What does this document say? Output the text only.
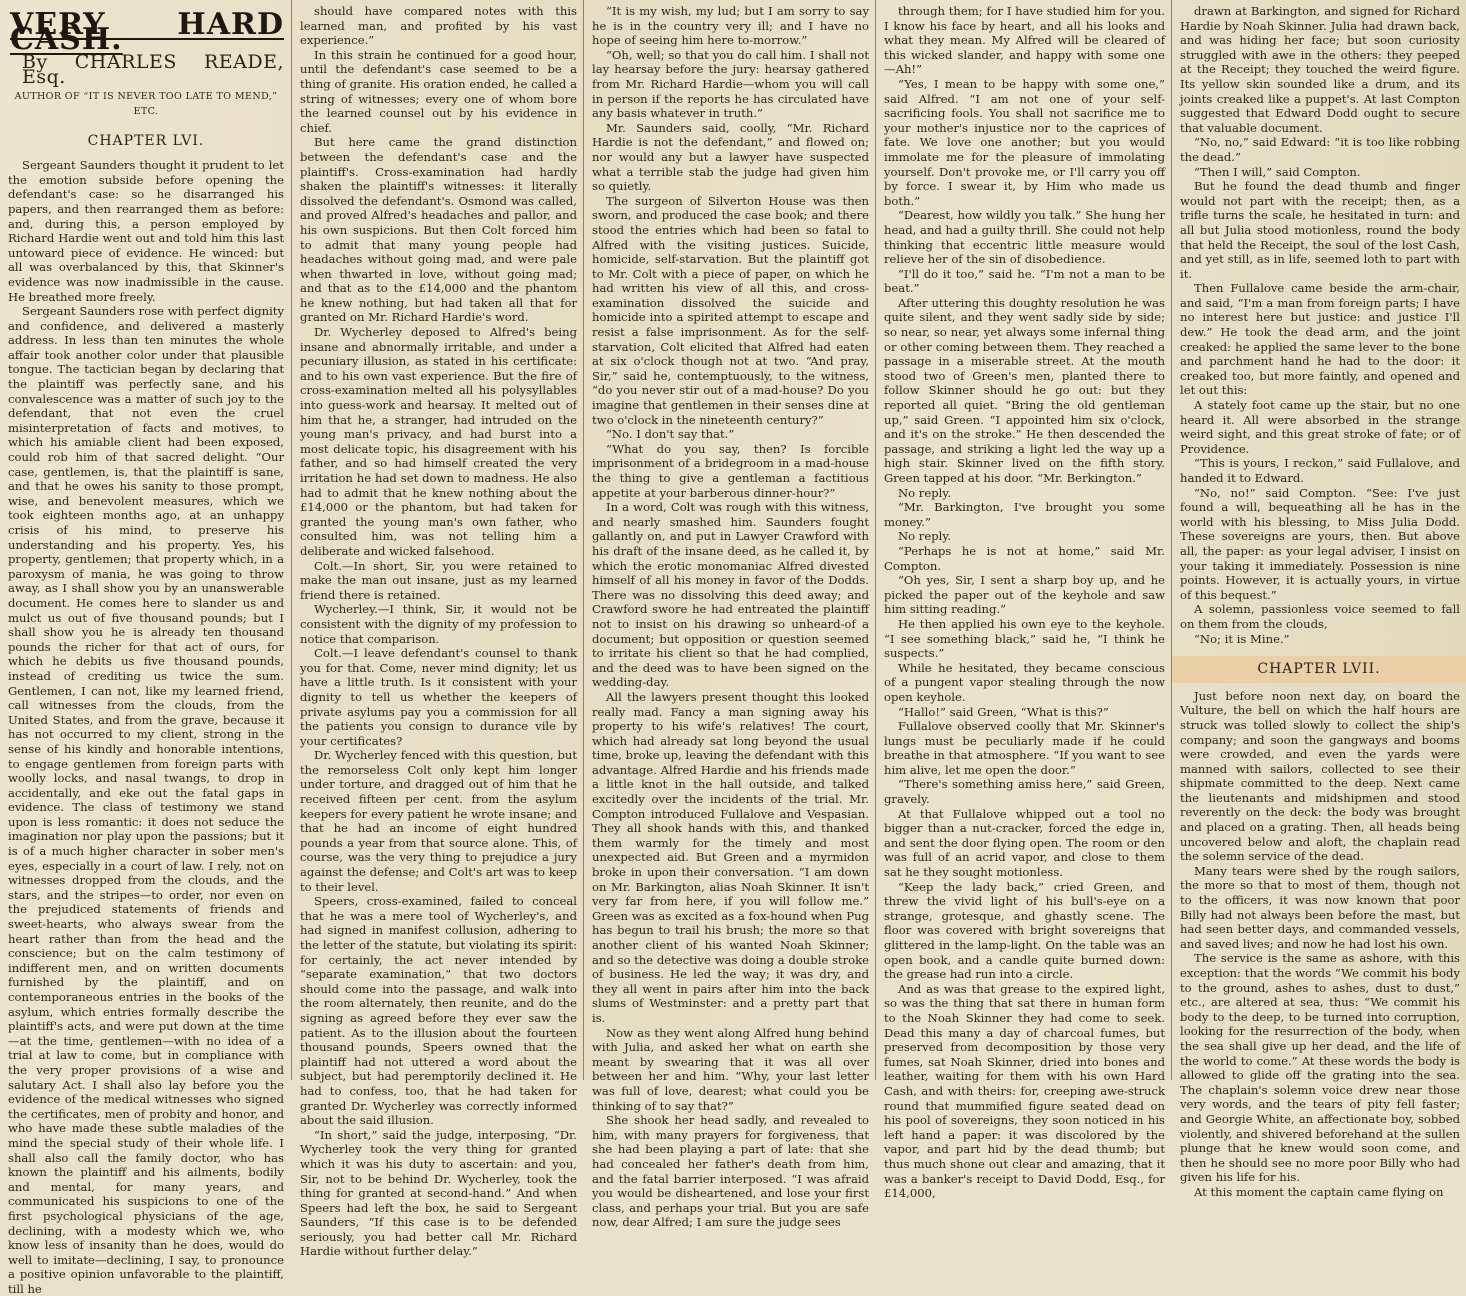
VERY HARD CASH.
By CHARLES READE, Esq.
AUTHOR OF “IT IS NEVER TOO LATE TO MEND,” ETC.
CHAPTER LVI.

Sergeant Saunders thought it prudent to let the emotion subside before opening the defendant's case: so he disarranged his papers, and then rearranged them as before: and, during this, a person employed by Richard Hardie went out and told him this last untoward piece of evidence. He winced: but all was overbalanced by this, that Skinner's evidence was now inadmissible in the cause. He breathed more freely.

Sergeant Saunders rose with perfect dignity and confidence, and delivered a masterly address. In less than ten minutes the whole affair took another color under that plausible tongue. The tactician began by declaring that the plaintiff was perfectly sane, and his convalescence was a matter of such joy to the defendant, that not even the cruel misinterpretation of facts and motives, to which his amiable client had been exposed, could rob him of that sacred delight. “Our case, gentlemen, is, that the plaintiff is sane, and that he owes his sanity to those prompt, wise, and benevolent measures, which we took eighteen months ago, at an unhappy crisis of his mind, to preserve his understanding and his property. Yes, his property, gentlemen; that property which, in a paroxysm of mania, he was going to throw away, as I shall show you by an unanswerable document. He comes here to slander us and mulct us out of five thousand pounds; but I shall show you he is already ten thousand pounds the richer for that act of ours, for which he debits us five thousand pounds, instead of crediting us twice the sum. Gentlemen, I can not, like my learned friend, call witnesses from the clouds, from the United States, and from the grave, because it has not occurred to my client, strong in the sense of his kindly and honorable intentions, to engage gentlemen from foreign parts with woolly locks, and nasal twangs, to drop in accidentally, and eke out the fatal gaps in evidence. The class of testimony we stand upon is less romantic: it does not seduce the imagination nor play upon the passions; but it is of a much higher character in sober men's eyes, especially in a court of law. I rely, not on witnesses dropped from the clouds, and the stars, and the stripes—to order, nor even on the prejudiced statements of friends and sweet-hearts, who always swear from the heart rather than from the head and the conscience; but on the calm testimony of indifferent men, and on written documents furnished by the plaintiff, and on contemporaneous entries in the books of the asylum, which entries formally describe the plaintiff's acts, and were put down at the time—at the time, gentlemen—with no idea of a trial at law to come, but in compliance with the very proper provisions of a wise and salutary Act. I shall also lay before you the evidence of the medical witnesses who signed the certificates, men of probity and honor, and who have made these subtle maladies of the mind the special study of their whole life. I shall also call the family doctor, who has known the plaintiff and his ailments, bodily and mental, for many years, and communicated his suspicions to one of the first psychological physicians of the age, declining, with a modesty which we, who know less of insanity than he does, would do well to imitate—declining, I say, to pronounce a positive opinion unfavorable to the plaintiff, till he

should have compared notes with this learned man, and profited by his vast experience.”

In this strain he continued for a good hour, until the defendant's case seemed to be a thing of granite. His oration ended, he called a string of witnesses; every one of whom bore the learned counsel out by his evidence in chief.

But here came the grand distinction between the defendant's case and the plaintiff's. Cross-examination had hardly shaken the plaintiff's witnesses: it literally dissolved the defendant's. Osmond was called, and proved Alfred's headaches and pallor, and his own suspicions. But then Colt forced him to admit that many young people had headaches without going mad, and were pale when thwarted in love, without going mad; and that as to the £14,000 and the phantom he knew nothing, but had taken all that for granted on Mr. Richard Hardie's word.

Dr. Wycherley deposed to Alfred's being insane and abnormally irritable, and under a pecuniary illusion, as stated in his certificate: and to his own vast experience. But the fire of cross-examination melted all his polysyllables into guess-work and hearsay. It melted out of him that he, a stranger, had intruded on the young man's privacy, and had burst into a most delicate topic, his disagreement with his father, and so had himself created the very irritation he had set down to madness. He also had to admit that he knew nothing about the £14,000 or the phantom, but had taken for granted the young man's own father, who consulted him, was not telling him a deliberate and wicked falsehood.

Colt.—In short, Sir, you were retained to make the man out insane, just as my learned friend there is retained.

Wycherley.—I think, Sir, it would not be consistent with the dignity of my profession to notice that comparison.

Colt.—I leave defendant's counsel to thank you for that. Come, never mind dignity; let us have a little truth. Is it consistent with your dignity to tell us whether the keepers of private asylums pay you a commission for all the patients you consign to durance vile by your certificates?

Dr. Wycherley fenced with this question, but the remorseless Colt only kept him longer under torture, and dragged out of him that he received fifteen per cent. from the asylum keepers for every patient he wrote insane; and that he had an income of eight hundred pounds a year from that source alone. This, of course, was the very thing to prejudice a jury against the defense; and Colt's art was to keep to their level.

Speers, cross-examined, failed to conceal that he was a mere tool of Wycherley's, and had signed in manifest collusion, adhering to the letter of the statute, but violating its spirit: for certainly, the act never intended by “separate examination,” that two doctors should come into the passage, and walk into the room alternately, then reunite, and do the signing as agreed before they ever saw the patient. As to the illusion about the fourteen thousand pounds, Speers owned that the plaintiff had not uttered a word about the subject, but had peremptorily declined it. He had to confess, too, that he had taken for granted Dr. Wycherley was correctly informed about the said illusion.

“In short,” said the judge, interposing, “Dr. Wycherley took the very thing for granted which it was his duty to ascertain: and you, Sir, not to be behind Dr. Wycherley, took the thing for granted at second-hand.” And when Speers had left the box, he said to Sergeant Saunders, “If this case is to be defended seriously, you had better call Mr. Richard Hardie without further delay.”

“It is my wish, my lud; but I am sorry to say he is in the country very ill; and I have no hope of seeing him here to-morrow.”

“Oh, well; so that you do call him. I shall not lay hearsay before the jury: hearsay gathered from Mr. Richard Hardie—whom you will call in person if the reports he has circulated have any basis whatever in truth.”

Mr. Saunders said, coolly, “Mr. Richard Hardie is not the defendant,” and flowed on; nor would any but a lawyer have suspected what a terrible stab the judge had given him so quietly.

The surgeon of Silverton House was then sworn, and produced the case book; and there stood the entries which had been so fatal to Alfred with the visiting justices. Suicide, homicide, self-starvation. But the plaintiff got to Mr. Colt with a piece of paper, on which he had written his view of all this, and cross-examination dissolved the suicide and homicide into a spirited attempt to escape and resist a false imprisonment. As for the self-starvation, Colt elicited that Alfred had eaten at six o'clock though not at two. “And pray, Sir,” said he, contemptuously, to the witness, “do you never stir out of a mad-house? Do you imagine that gentlemen in their senses dine at two o'clock in the nineteenth century?”

“No. I don't say that.”

“What do you say, then? Is forcible imprisonment of a bridegroom in a mad-house the thing to give a gentleman a factitious appetite at your barberous dinner-hour?”

In a word, Colt was rough with this witness, and nearly smashed him. Saunders fought gallantly on, and put in Lawyer Crawford with his draft of the insane deed, as he called it, by which the erotic monomaniac Alfred divested himself of all his money in favor of the Dodds. There was no dissolving this deed away; and Crawford swore he had entreated the plaintiff not to insist on his drawing so unheard-of a document; but opposition or question seemed to irritate his client so that he had complied, and the deed was to have been signed on the wedding-day.

All the lawyers present thought this looked really mad. Fancy a man signing away his property to his wife's relatives! The court, which had already sat long beyond the usual time, broke up, leaving the defendant with this advantage. Alfred Hardie and his friends made a little knot in the hall outside, and talked excitedly over the incidents of the trial. Mr. Compton introduced Fullalove and Vespasian. They all shook hands with this, and thanked them warmly for the timely and most unexpected aid. But Green and a myrmidon broke in upon their conversation. “I am down on Mr. Barkington, alias Noah Skinner. It isn't very far from here, if you will follow me.” Green was as excited as a fox-hound when Pug has begun to trail his brush; the more so that another client of his wanted Noah Skinner; and so the detective was doing a double stroke of business. He led the way; it was dry, and they all went in pairs after him into the back slums of Westminster: and a pretty part that is.

Now as they went along Alfred hung behind with Julia, and asked her what on earth she meant by swearing that it was all over between her and him. “Why, your last letter was full of love, dearest; what could you be thinking of to say that?”

She shook her head sadly, and revealed to him, with many prayers for forgiveness, that she had been playing a part of late: that she had concealed her father's death from him, and the fatal barrier interposed. “I was afraid you would be disheartened, and lose your first class, and perhaps your trial. But you are safe now, dear Alfred; I am sure the judge sees

through them; for I have studied him for you. I know his face by heart, and all his looks and what they mean. My Alfred will be cleared of this wicked slander, and happy with some one—Ah!”

“Yes, I mean to be happy with some one,” said Alfred. “I am not one of your self-sacrificing fools. You shall not sacrifice me to your mother's injustice nor to the caprices of fate. We love one another; but you would immolate me for the pleasure of immolating yourself. Don't provoke me, or I'll carry you off by force. I swear it, by Him who made us both.”

“Dearest, how wildly you talk.” She hung her head, and had a guilty thrill. She could not help thinking that eccentric little measure would relieve her of the sin of disobedience.

“I'll do it too,” said he. “I'm not a man to be beat.”

After uttering this doughty resolution he was quite silent, and they went sadly side by side; so near, so near, yet always some infernal thing or other coming between them. They reached a passage in a miserable street. At the mouth stood two of Green's men, planted there to follow Skinner should he go out: but they reported all quiet. “Bring the old gentleman up,” said Green. “I appointed him six o'clock, and it's on the stroke.” He then descended the passage, and striking a light led the way up a high stair. Skinner lived on the fifth story. Green tapped at his door. “Mr. Berkington.”

No reply.

“Mr. Barkington, I've brought you some money.”

No reply.

“Perhaps he is not at home,” said Mr. Compton.

“Oh yes, Sir, I sent a sharp boy up, and he picked the paper out of the keyhole and saw him sitting reading.”

He then applied his own eye to the keyhole. “I see something black,” said he, “I think he suspects.”

While he hesitated, they became conscious of a pungent vapor stealing through the now open keyhole.

“Hallo!” said Green, “What is this?”

Fullalove observed coolly that Mr. Skinner's lungs must be peculiarly made if he could breathe in that atmosphere. “If you want to see him alive, let me open the door.”

“There's something amiss here,” said Green, gravely.

At that Fullalove whipped out a tool no bigger than a nut-cracker, forced the edge in, and sent the door flying open. The room or den was full of an acrid vapor, and close to them sat he they sought motionless.

“Keep the lady back,” cried Green, and threw the vivid light of his bull's-eye on a strange, grotesque, and ghastly scene. The floor was covered with bright sovereigns that glittered in the lamp-light. On the table was an open book, and a candle quite burned down: the grease had run into a circle.

And as was that grease to the expired light, so was the thing that sat there in human form to the Noah Skinner they had come to seek. Dead this many a day of charcoal fumes, but preserved from decomposition by those very fumes, sat Noah Skinner, dried into bones and leather, waiting for them with his own Hard Cash, and with theirs: for, creeping awe-struck round that mummified figure seated dead on his pool of sovereigns, they soon noticed in his left hand a paper: it was discolored by the vapor, and part hid by the dead thumb; but thus much shone out clear and amazing, that it was a banker's receipt to David Dodd, Esq., for £14,000,

drawn at Barkington, and signed for Richard Hardie by Noah Skinner. Julia had drawn back, and was hiding her face; but soon curiosity struggled with awe in the others: they peeped at the Receipt; they touched the weird figure. Its yellow skin sounded like a drum, and its joints creaked like a puppet's. At last Compton suggested that Edward Dodd ought to secure that valuable document.

“No, no,” said Edward: “it is too like robbing the dead.”

“Then I will,” said Compton.

But he found the dead thumb and finger would not part with the receipt; then, as a trifle turns the scale, he hesitated in turn: and all but Julia stood motionless, round the body that held the Receipt, the soul of the lost Cash, and yet still, as in life, seemed loth to part with it.

Then Fullalove came beside the arm-chair, and said, “I'm a man from foreign parts; I have no interest here but justice: and justice I'll dew.” He took the dead arm, and the joint creaked: he applied the same lever to the bone and parchment hand he had to the door: it creaked too, but more faintly, and opened and let out this:

A stately foot came up the stair, but no one heard it. All were absorbed in the strange weird sight, and this great stroke of fate; or of Providence.

“This is yours, I reckon,” said Fullalove, and handed it to Edward.

“No, no!” said Compton. “See: I've just found a will, bequeathing all he has in the world with his blessing, to Miss Julia Dodd. These sovereigns are yours, then. But above all, the paper: as your legal adviser, I insist on your taking it immediately. Possession is nine points. However, it is actually yours, in virtue of this bequest.”

A solemn, passionless voice seemed to fall on them from the clouds,

“No; it is Mine.”

CHAPTER LVII.

Just before noon next day, on board the Vulture, the bell on which the half hours are struck was tolled slowly to collect the ship's company; and soon the gangways and booms were crowded, and even the yards were manned with sailors, collected to see their shipmate committed to the deep. Next came the lieutenants and midshipmen and stood reverently on the deck: the body was brought and placed on a grating. Then, all heads being uncovered below and aloft, the chaplain read the solemn service of the dead.

Many tears were shed by the rough sailors, the more so that to most of them, though not to the officers, it was now known that poor Billy had not always been before the mast, but had seen better days, and commanded vessels, and saved lives; and now he had lost his own.

The service is the same as ashore, with this exception: that the words “We commit his body to the ground, ashes to ashes, dust to dust,” etc., are altered at sea, thus: “We commit his body to the deep, to be turned into corruption, looking for the resurrection of the body, when the sea shall give up her dead, and the life of the world to come.” At these words the body is allowed to glide off the grating into the sea. The chaplain's solemn voice drew near those very words, and the tears of pity fell faster; and Georgie White, an affectionate boy, sobbed violently, and shivered beforehand at the sullen plunge that he knew would soon come, and then he should see no more poor Billy who had given his life for his.

At this moment the captain came flying on
